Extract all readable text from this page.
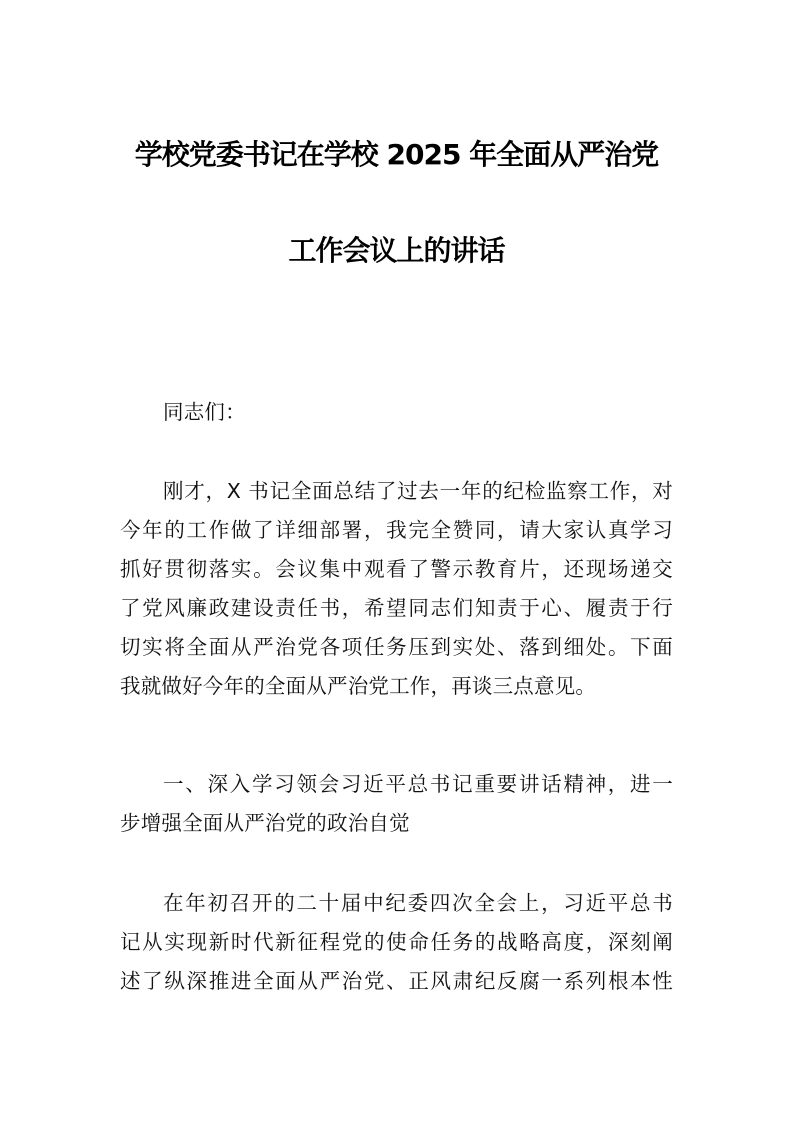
学校党委书记在学校 2025 年全面从严治党
工作会议上的讲话

同志们：

刚才，X 书记全面总结了过去一年的纪检监察工作，对
今年的工作做了详细部署，我完全赞同，请大家认真学习
抓好贯彻落实。会议集中观看了警示教育片，还现场递交
了党风廉政建设责任书，希望同志们知责于心、履责于行
切实将全面从严治党各项任务压到实处、落到细处。下面
我就做好今年的全面从严治党工作，再谈三点意见。
一、深入学习领会习近平总书记重要讲话精神，进一
步增强全面从严治党的政治自觉
在年初召开的二十届中纪委四次全会上，习近平总书
记从实现新时代新征程党的使命任务的战略高度，深刻阐
述了纵深推进全面从严治党、正风肃纪反腐一系列根本性
